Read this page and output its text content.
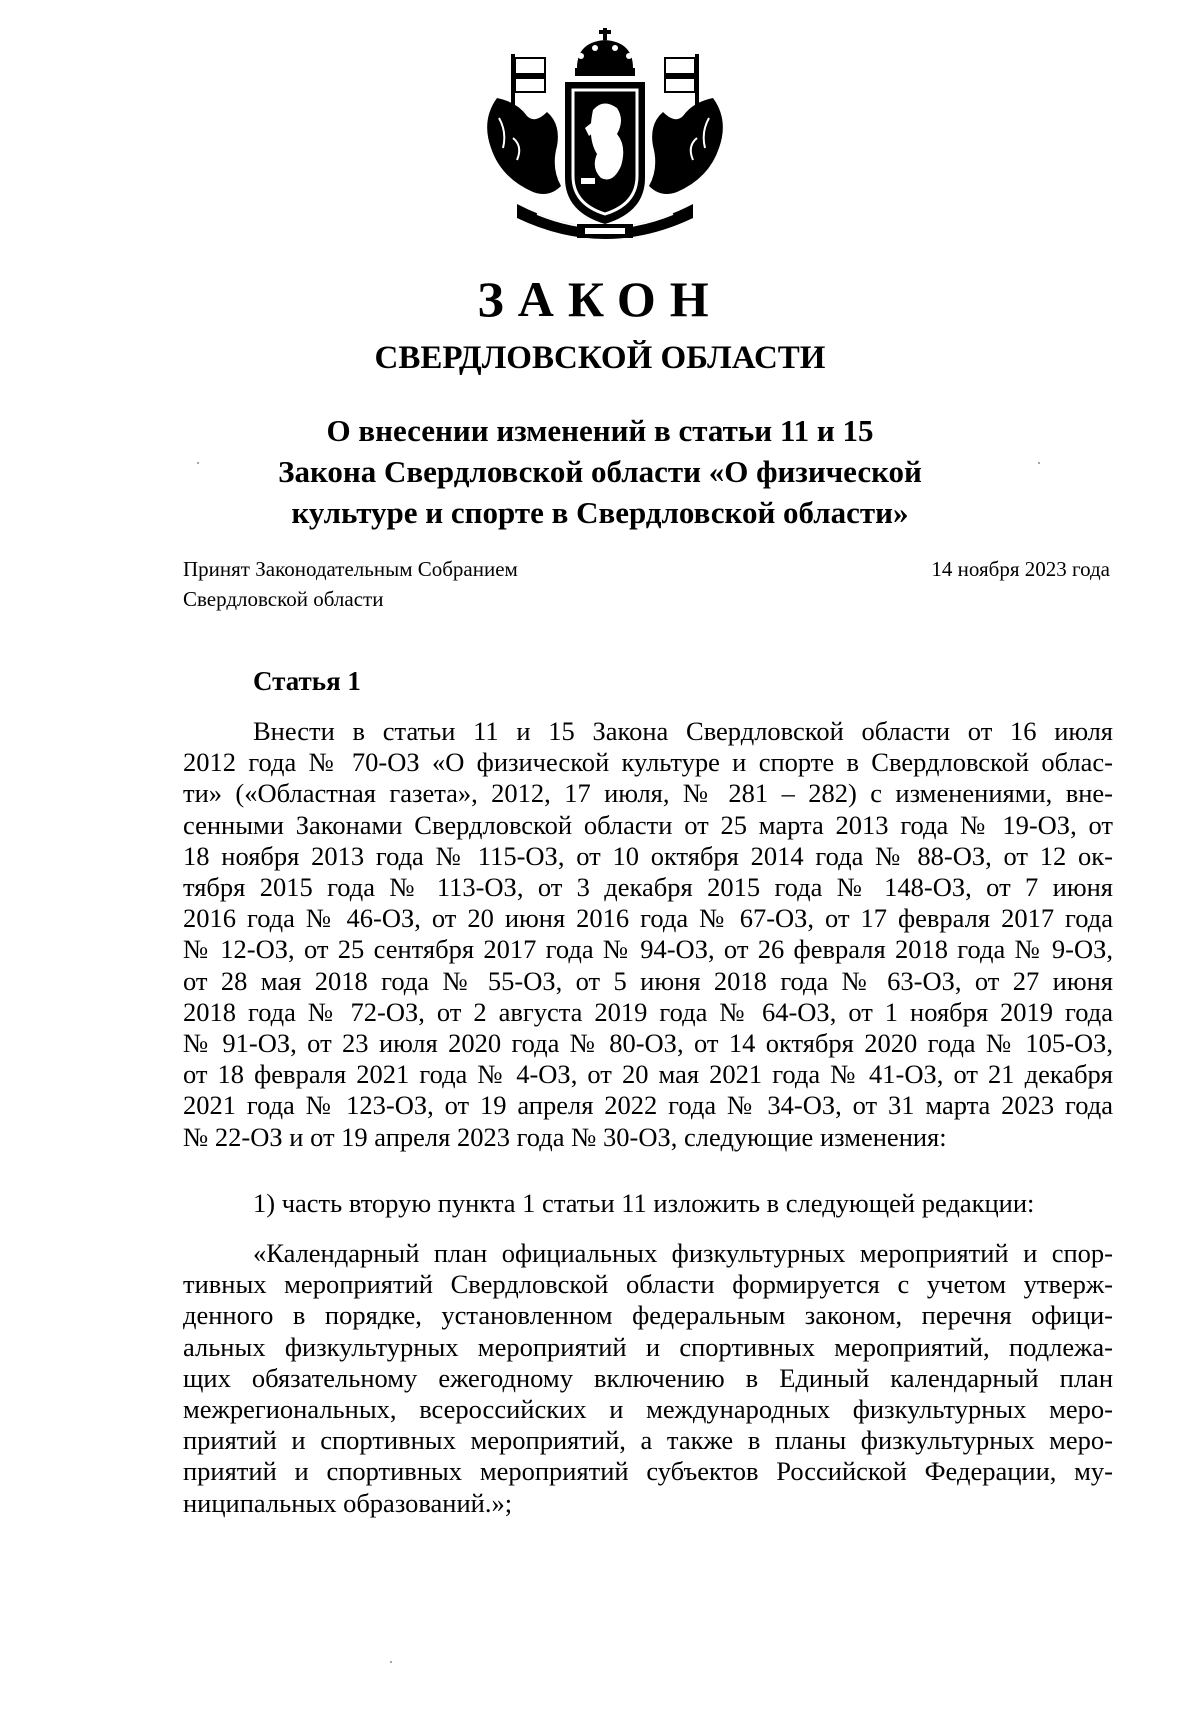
ЗАКОН
СВЕРДЛОВСКОЙ ОБЛАСТИ
О внесении изменений в статьи 11 и 15
Закона Свердловской области «О физической
культуре и спорте в Свердловской области»
Принят Законодательным Собранием
Свердловской области
14 ноября 2023 года
Статья 1
Внести в статьи 11 и 15 Закона Свердловской области от 16 июля
2012 года № 70-ОЗ «О физической культуре и спорте в Свердловской облас-
ти» («Областная газета», 2012, 17 июля, № 281 – 282) с изменениями, вне-
сенными Законами Свердловской области от 25 марта 2013 года № 19-ОЗ, от
18 ноября 2013 года № 115-ОЗ, от 10 октября 2014 года № 88-ОЗ, от 12 ок-
тября 2015 года № 113-ОЗ, от 3 декабря 2015 года № 148-ОЗ, от 7 июня
2016 года № 46-ОЗ, от 20 июня 2016 года № 67-ОЗ, от 17 февраля 2017 года
№ 12-ОЗ, от 25 сентября 2017 года № 94-ОЗ, от 26 февраля 2018 года № 9-ОЗ,
от 28 мая 2018 года № 55-ОЗ, от 5 июня 2018 года № 63-ОЗ, от 27 июня
2018 года № 72-ОЗ, от 2 августа 2019 года № 64-ОЗ, от 1 ноября 2019 года
№ 91-ОЗ, от 23 июля 2020 года № 80-ОЗ, от 14 октября 2020 года № 105-ОЗ,
от 18 февраля 2021 года № 4-ОЗ, от 20 мая 2021 года № 41-ОЗ, от 21 декабря
2021 года № 123-ОЗ, от 19 апреля 2022 года № 34-ОЗ, от 31 марта 2023 года
№ 22-ОЗ и от 19 апреля 2023 года № 30-ОЗ, следующие изменения:
1) часть вторую пункта 1 статьи 11 изложить в следующей редакции:
«Календарный план официальных физкультурных мероприятий и спор-
тивных мероприятий Свердловской области формируется с учетом утверж-
денного в порядке, установленном федеральным законом, перечня офици-
альных физкультурных мероприятий и спортивных мероприятий, подлежа-
щих обязательному ежегодному включению в Единый календарный план
межрегиональных, всероссийских и международных физкультурных меро-
приятий и спортивных мероприятий, а также в планы физкультурных меро-
приятий и спортивных мероприятий субъектов Российской Федерации, му-
ниципальных образований.»;
